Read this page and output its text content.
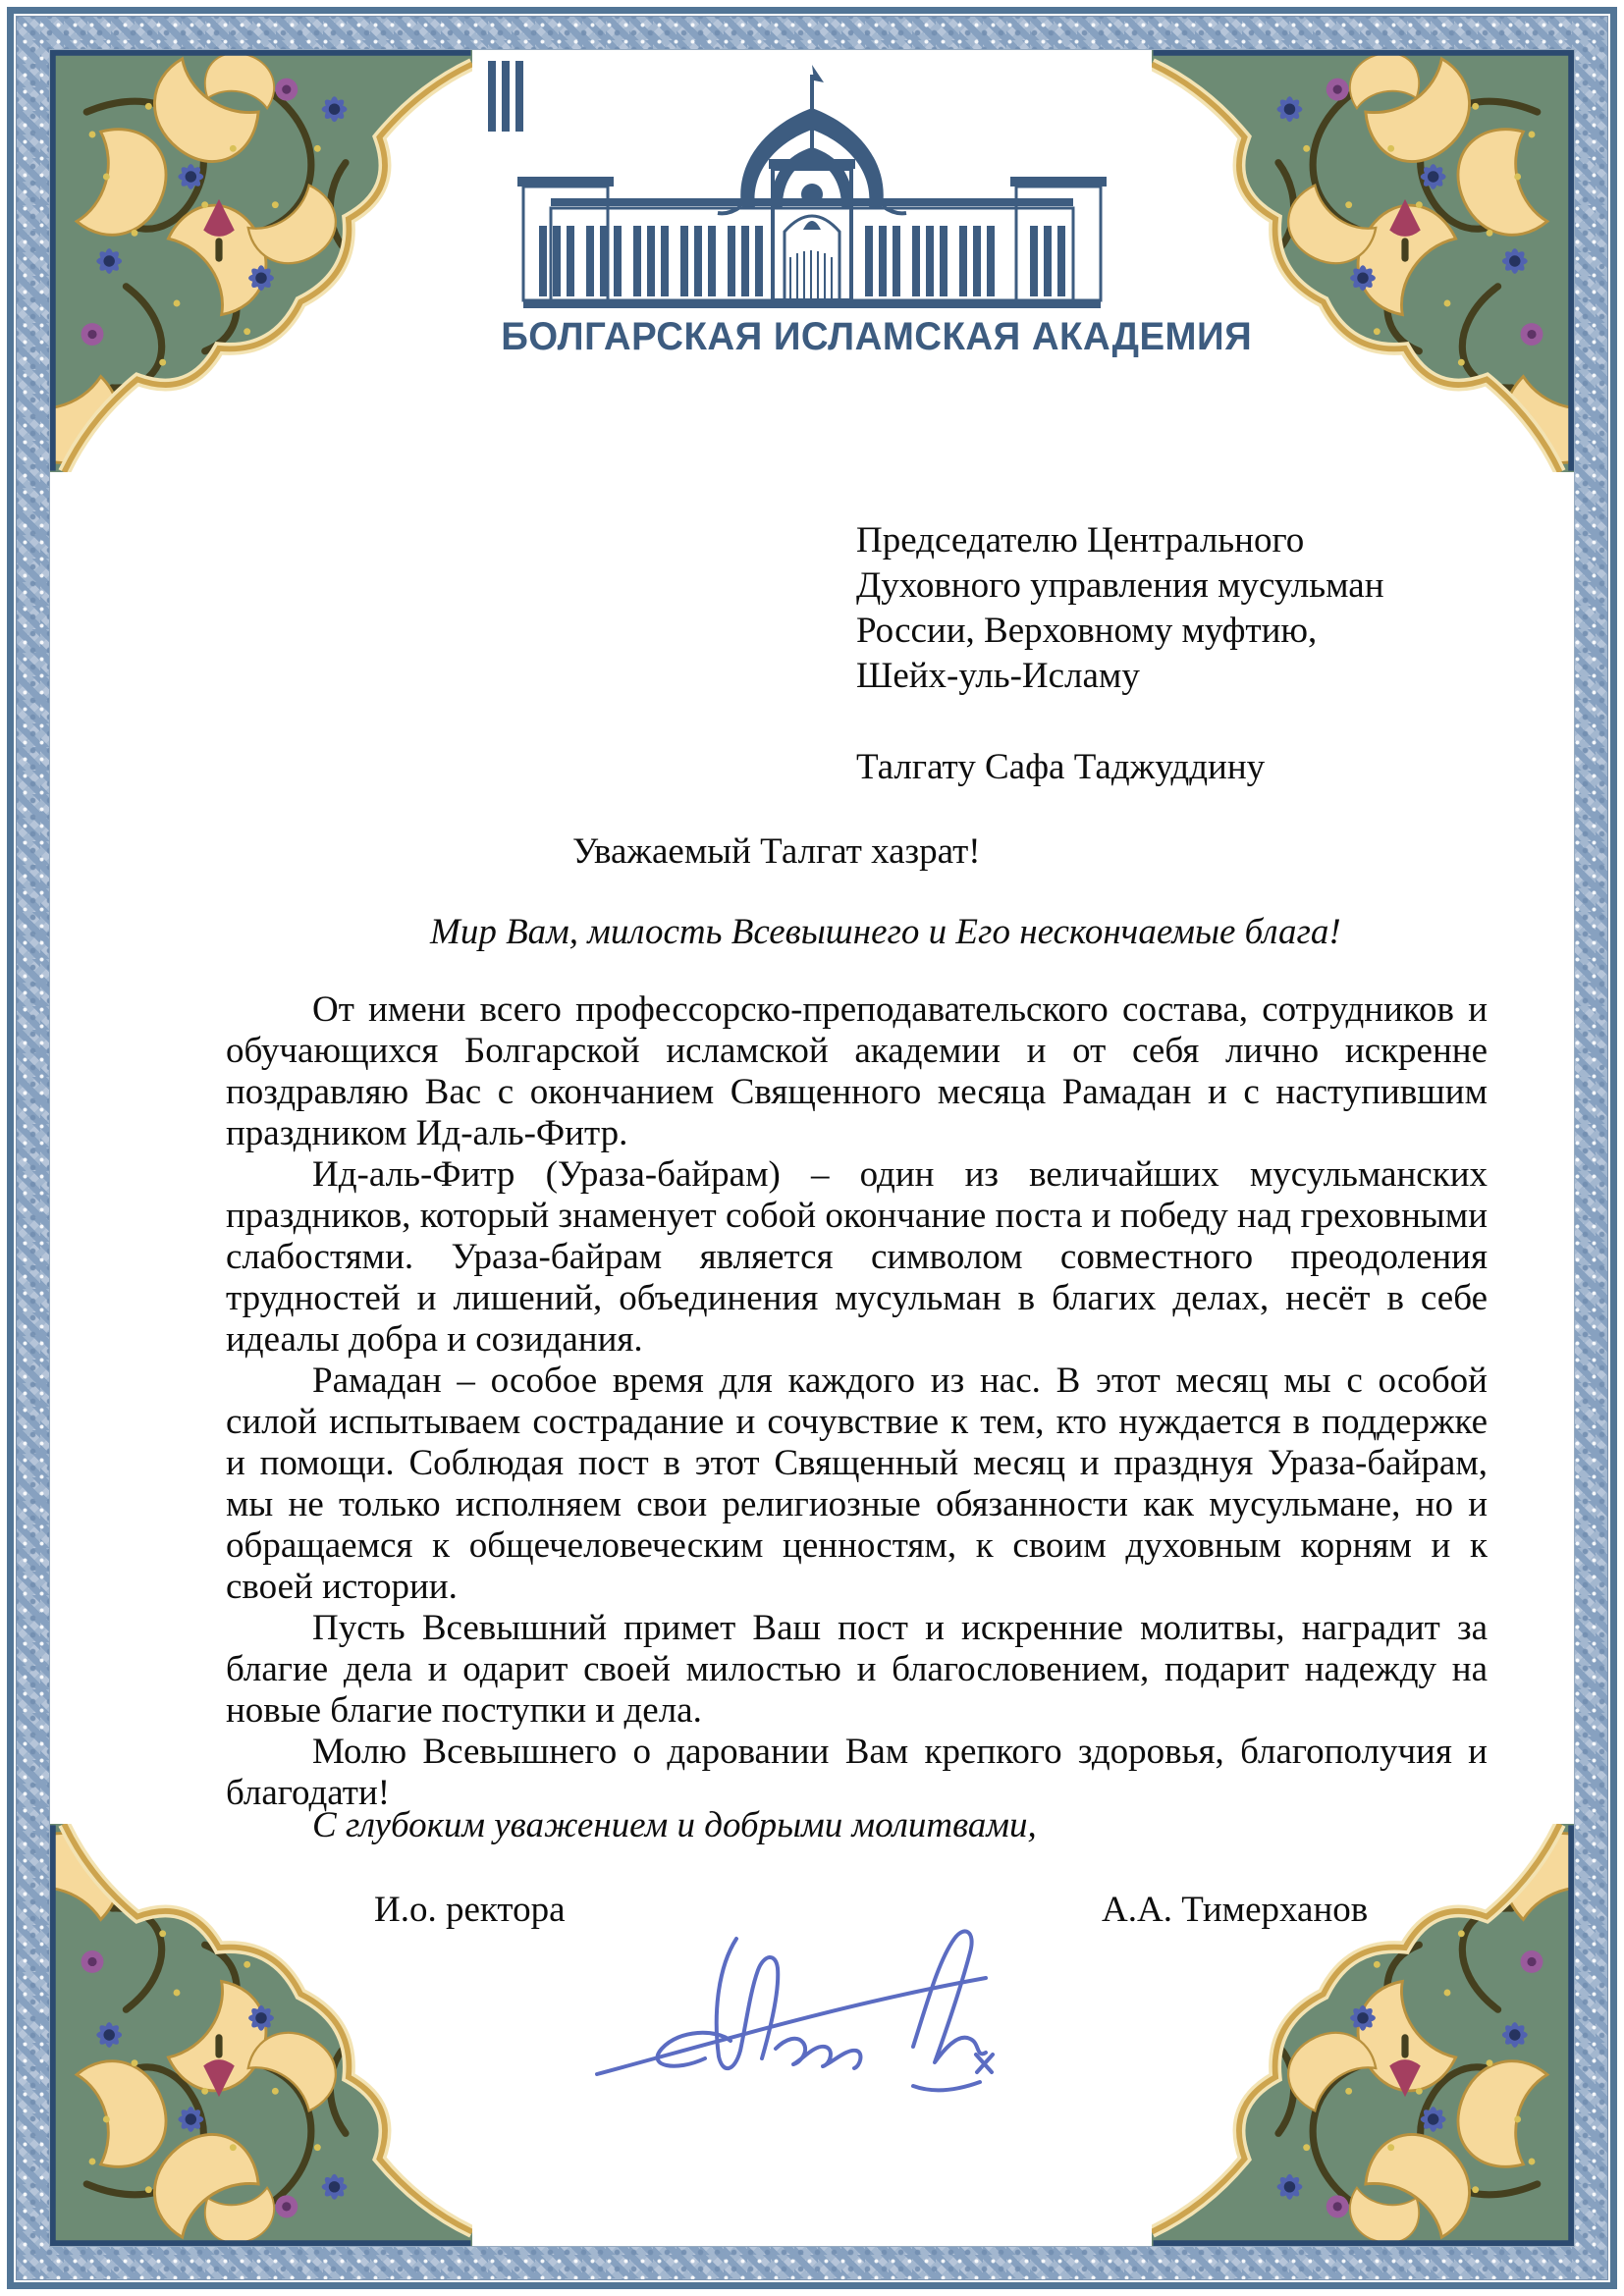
БОЛГАРСКАЯ ИСЛАМСКАЯ АКАДЕМИЯ
Председателю Центрального
Духовного управления мусульман
России, Верховному муфтию,
Шейх-уль-Исламу
Талгату Сафа Таджуддину
Уважаемый Талгат хазрат!
Мир Вам, милость Всевышнего и Его нескончаемые блага!

От имени всего профессорско-преподавательского состава, сотрудников и обучающихся Болгарской исламской академии и от себя лично искренне поздравляю Вас с окончанием Священного месяца Рамадан и с наступившим праздником Ид-аль-Фитр.

Ид-аль-Фитр (Ураза-байрам) – один из величайших мусульманских праздников, который знаменует собой окончание поста и победу над греховными слабостями. Ураза-байрам является символом совместного преодоления трудностей и лишений, объединения мусульман в благих делах, несёт в себе идеалы добра и созидания.

Рамадан – особое время для каждого из нас. В этот месяц мы с особой силой испытываем сострадание и сочувствие к тем, кто нуждается в поддержке и помощи. Соблюдая пост в этот Священный месяц и празднуя Ураза-байрам, мы не только исполняем свои религиозные обязанности как мусульмане, но и обращаемся к общечеловеческим ценностям, к своим духовным корням и к своей истории.

Пусть Всевышний примет Ваш пост и искренние молитвы, наградит за благие дела и одарит своей милостью и благословением, подарит надежду на новые благие поступки и дела.

Молю Всевышнего о даровании Вам крепкого здоровья, благополучия и благодати!

С глубоким уважением и добрыми молитвами,
И.о. ректора	А.А. Тимерханов
